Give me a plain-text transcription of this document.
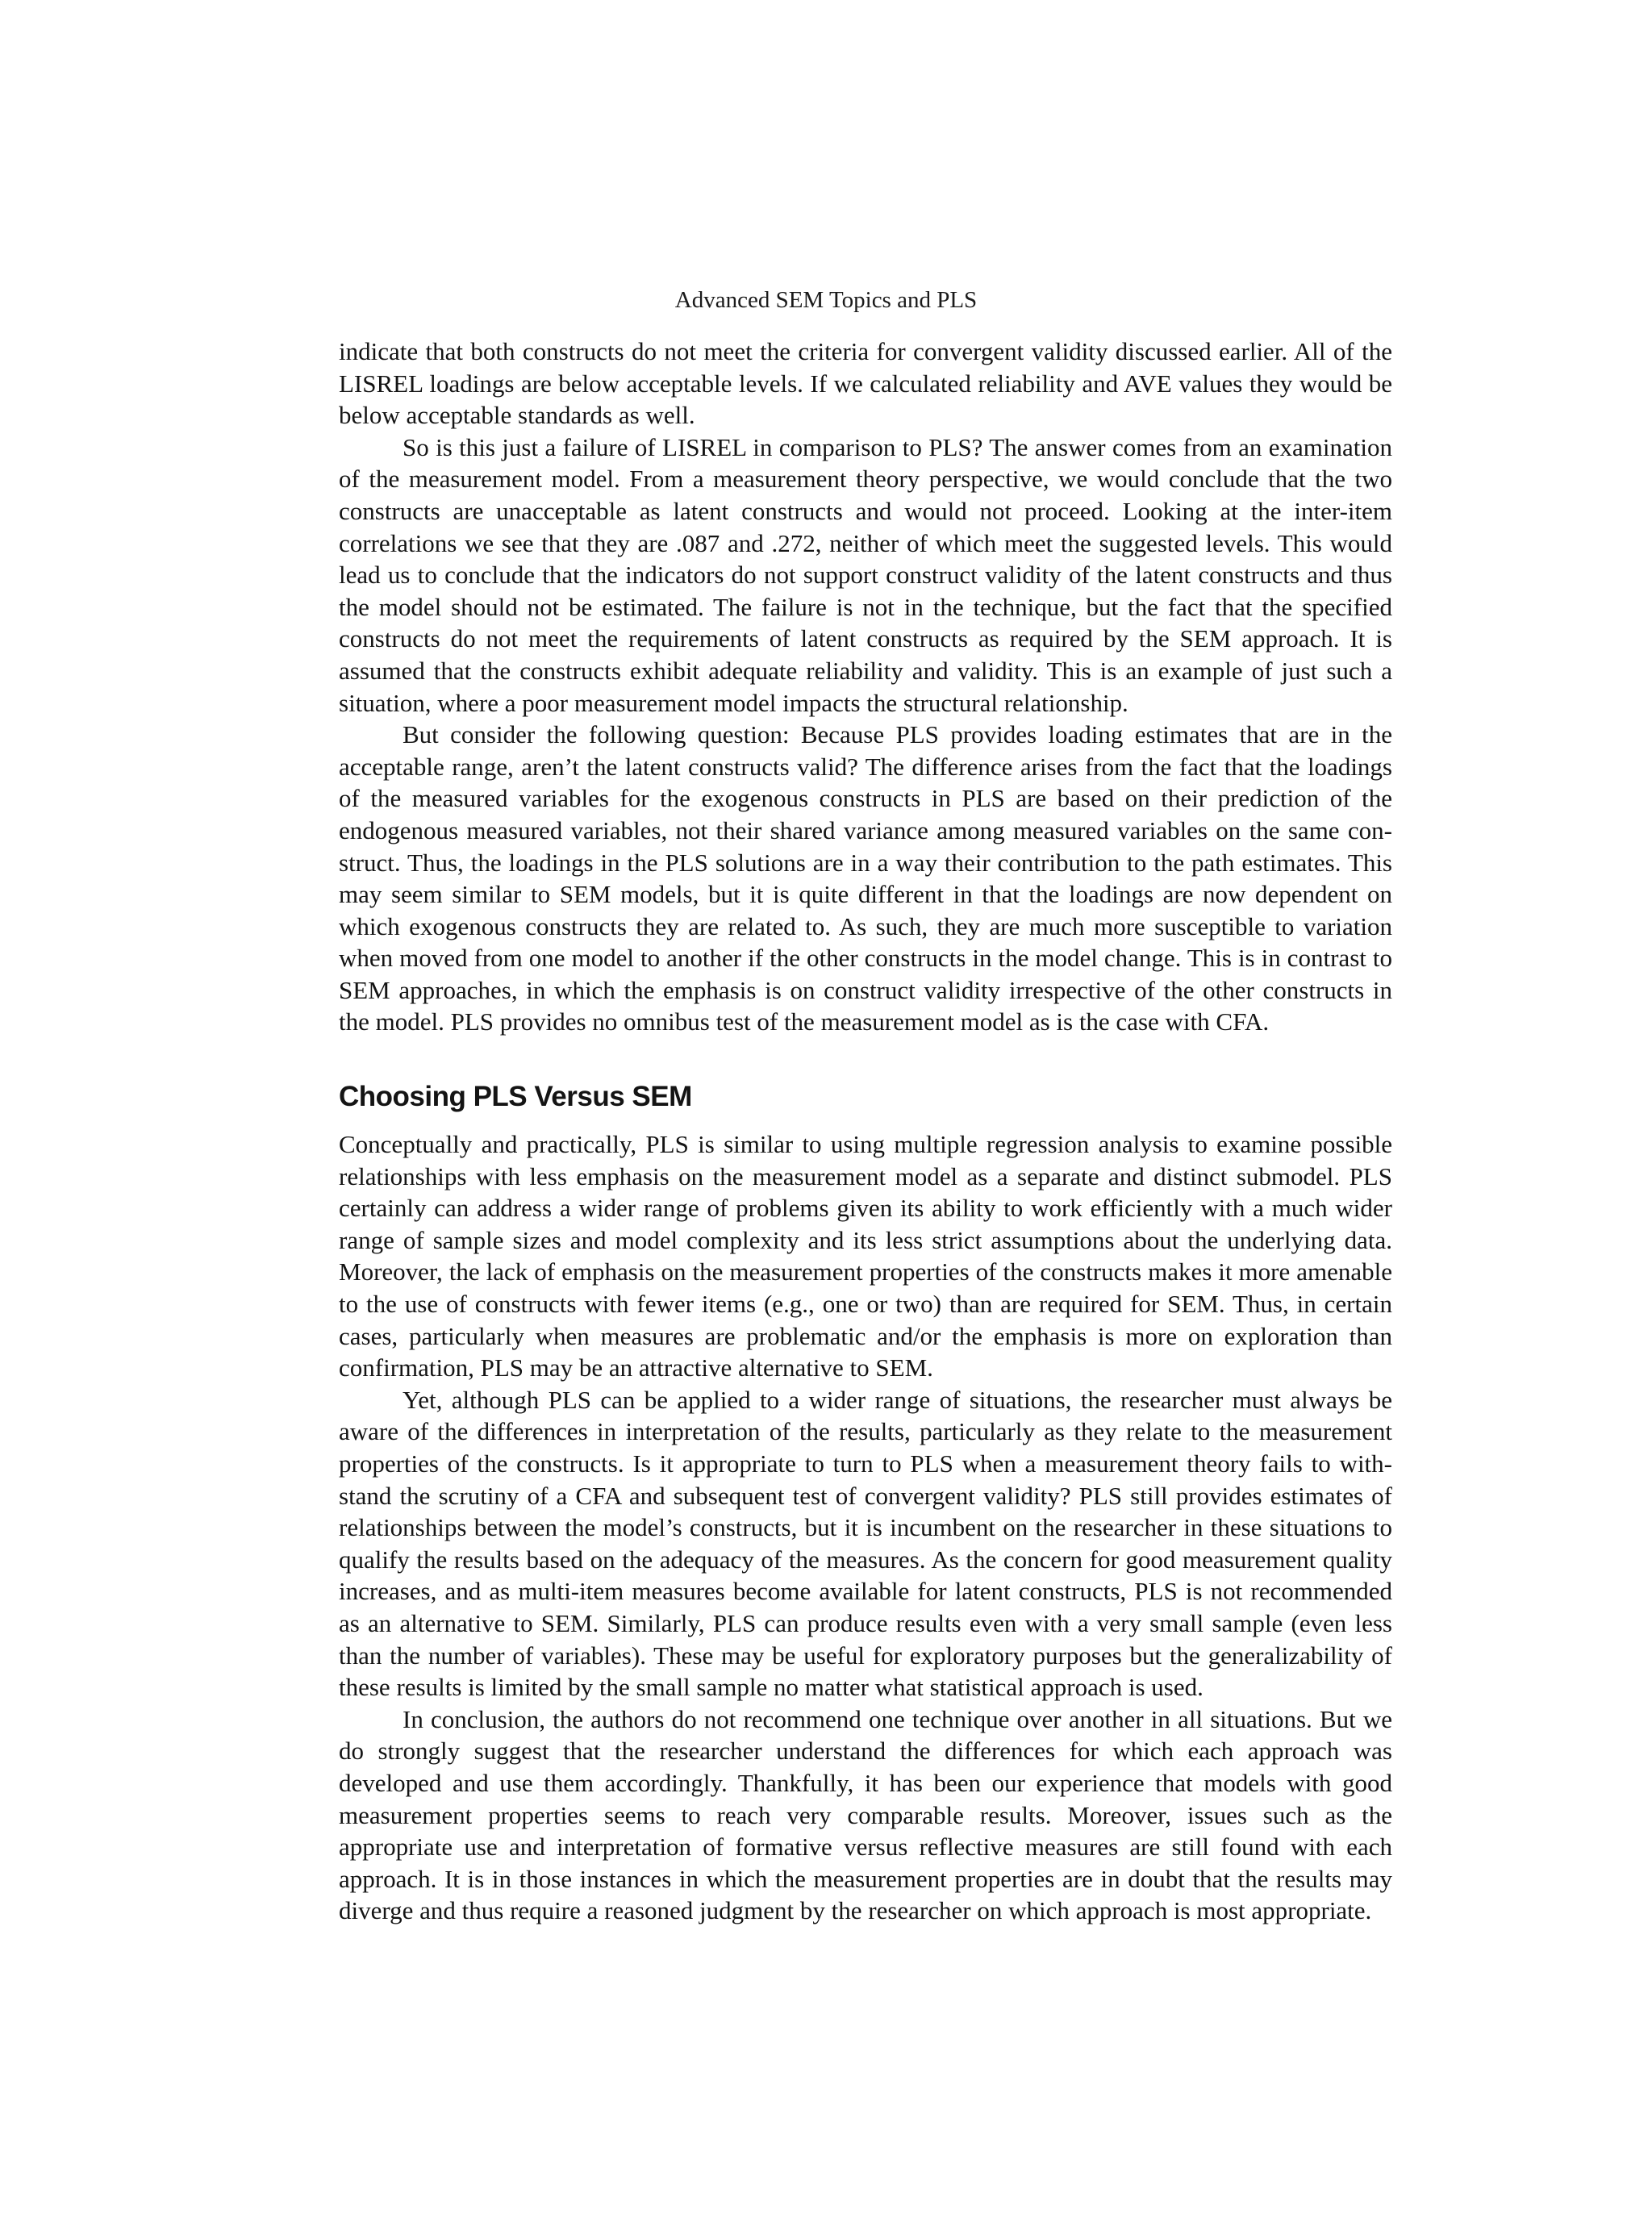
Advanced SEM Topics and PLS

indicate that both constructs do not meet the criteria for convergent validity discussed earlier. All of the LISREL loadings are below acceptable levels. If we calculated reliability and AVE values they would be below acceptable standards as well.

So is this just a failure of LISREL in comparison to PLS? The answer comes from an examination of the measurement model. From a measurement theory perspective, we would conclude that the two constructs are unacceptable as latent constructs and would not proceed. Looking at the inter-item correlations we see that they are .087 and .272, neither of which meet the suggested levels. This would lead us to conclude that the indicators do not support construct validity of the latent constructs and thus the model should not be estimated. The failure is not in the technique, but the fact that the specified constructs do not meet the requirements of latent constructs as required by the SEM approach. It is assumed that the constructs exhibit adequate reliability and validity. This is an example of just such a situation, where a poor measurement model impacts the structural relationship.

But consider the following question: Because PLS provides loading estimates that are in the acceptable range, aren’t the latent constructs valid? The difference arises from the fact that the loadings of the measured variables for the exogenous constructs in PLS are based on their prediction of the endogenous measured variables, not their shared variance among measured variables on the same construct. Thus, the loadings in the PLS solutions are in a way their contribution to the path estimates. This may seem similar to SEM models, but it is quite different in that the loadings are now dependent on which exogenous constructs they are related to. As such, they are much more susceptible to variation when moved from one model to another if the other constructs in the model change. This is in contrast to SEM approaches, in which the emphasis is on construct validity irrespective of the other constructs in the model. PLS provides no omnibus test of the measurement model as is the case with CFA.

Choosing PLS Versus SEM

Conceptually and practically, PLS is similar to using multiple regression analysis to examine possible relationships with less emphasis on the measurement model as a separate and distinct submodel. PLS certainly can address a wider range of problems given its ability to work efficiently with a much wider range of sample sizes and model complexity and its less strict assumptions about the underlying data. Moreover, the lack of emphasis on the measurement properties of the constructs makes it more amenable to the use of constructs with fewer items (e.g., one or two) than are required for SEM. Thus, in certain cases, particularly when measures are problematic and/or the emphasis is more on exploration than confirmation, PLS may be an attractive alternative to SEM.

Yet, although PLS can be applied to a wider range of situations, the researcher must always be aware of the differences in interpretation of the results, particularly as they relate to the measurement properties of the constructs. Is it appropriate to turn to PLS when a measurement theory fails to withstand the scrutiny of a CFA and subsequent test of convergent validity? PLS still provides estimates of relationships between the model’s constructs, but it is incumbent on the researcher in these situations to qualify the results based on the adequacy of the measures. As the concern for good measurement quality increases, and as multi-item measures become available for latent constructs, PLS is not recommended as an alternative to SEM. Similarly, PLS can produce results even with a very small sample (even less than the number of variables). These may be useful for exploratory purposes but the generalizability of these results is limited by the small sample no matter what statistical approach is used.

In conclusion, the authors do not recommend one technique over another in all situations. But we do strongly suggest that the researcher understand the differences for which each approach was developed and use them accordingly. Thankfully, it has been our experience that models with good measurement properties seems to reach very comparable results. Moreover, issues such as the appropriate use and interpretation of formative versus reflective measures are still found with each approach. It is in those instances in which the measurement properties are in doubt that the results may diverge and thus require a reasoned judgment by the researcher on which approach is most appropriate.
